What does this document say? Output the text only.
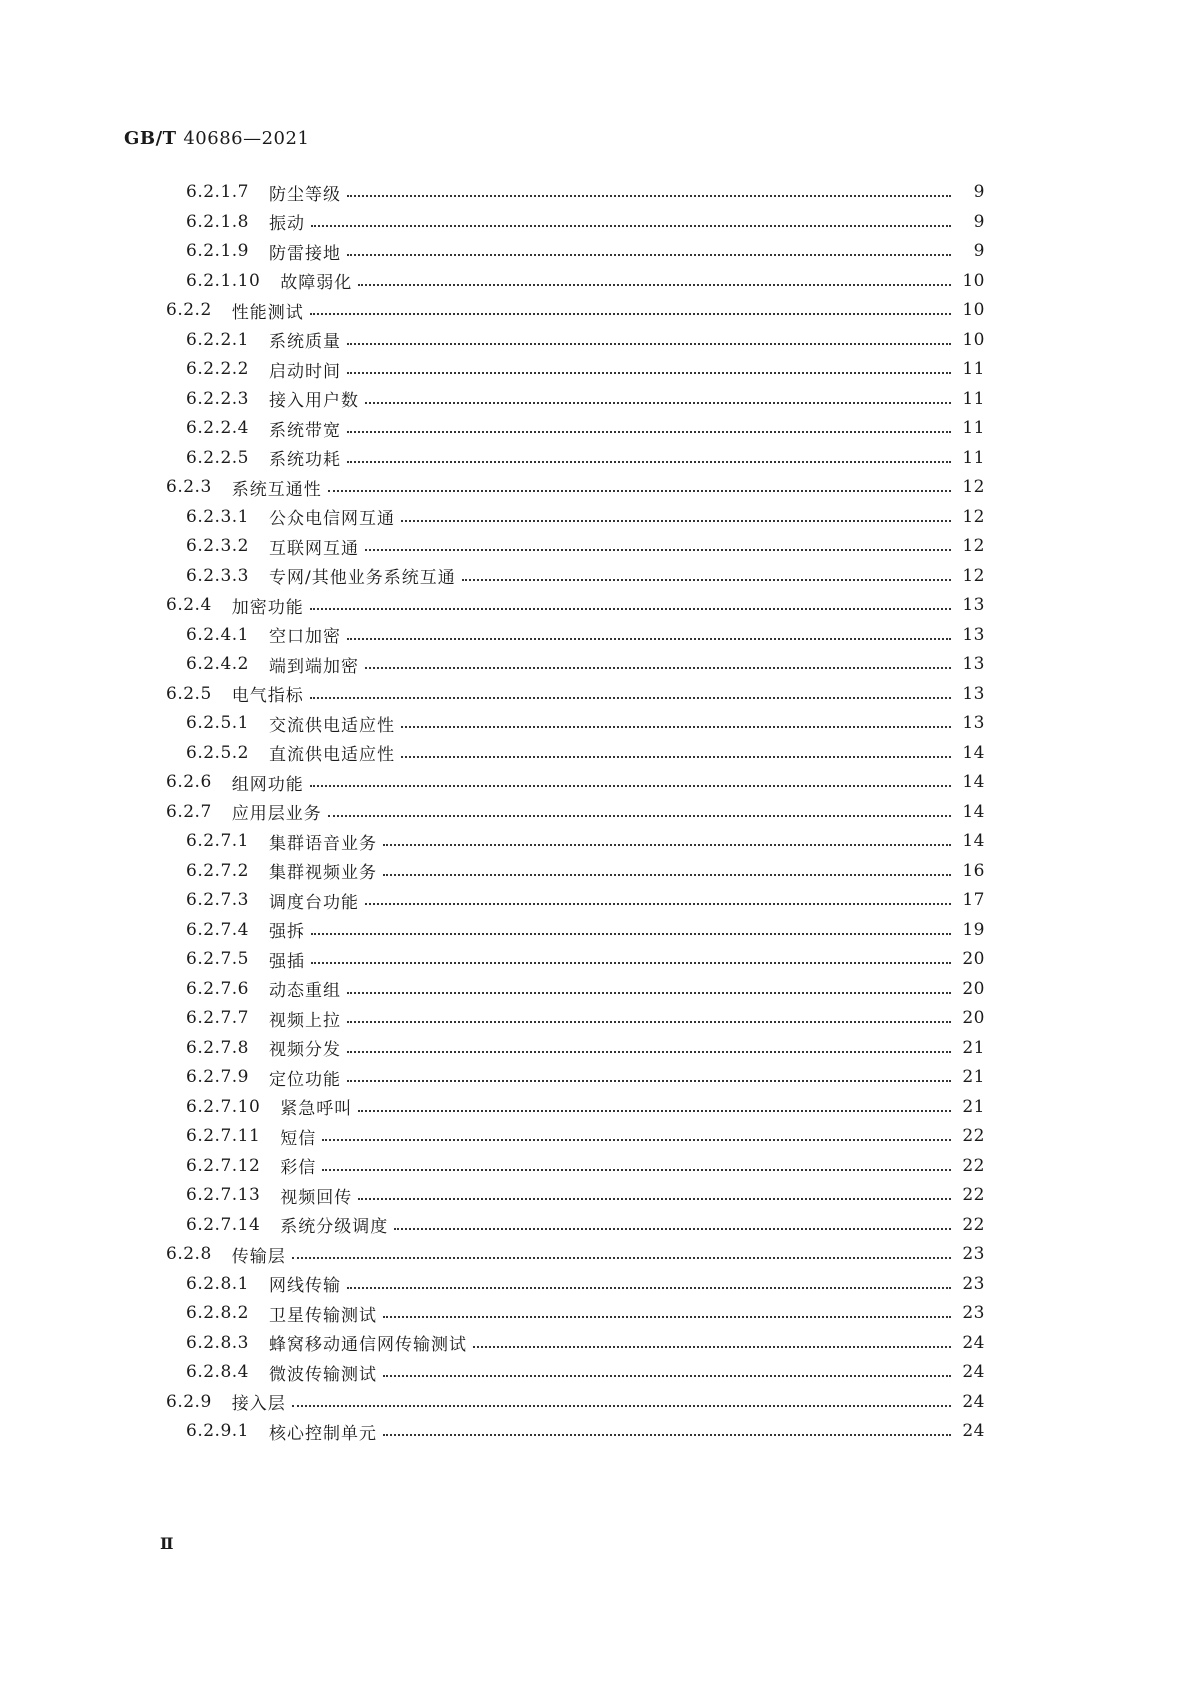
GB/T 40686—2021
6.2.1.7 防尘等级	9
6.2.1.8 振动	9
6.2.1.9 防雷接地	9
6.2.1.10 故障弱化	10
6.2.2 性能测试	10
6.2.2.1 系统质量	10
6.2.2.2 启动时间	11
6.2.2.3 接入用户数	11
6.2.2.4 系统带宽	11
6.2.2.5 系统功耗	11
6.2.3 系统互通性	12
6.2.3.1 公众电信网互通	12
6.2.3.2 互联网互通	12
6.2.3.3 专网/其他业务系统互通	12
6.2.4 加密功能	13
6.2.4.1 空口加密	13
6.2.4.2 端到端加密	13
6.2.5 电气指标	13
6.2.5.1 交流供电适应性	13
6.2.5.2 直流供电适应性	14
6.2.6 组网功能	14
6.2.7 应用层业务	14
6.2.7.1 集群语音业务	14
6.2.7.2 集群视频业务	16
6.2.7.3 调度台功能	17
6.2.7.4 强拆	19
6.2.7.5 强插	20
6.2.7.6 动态重组	20
6.2.7.7 视频上拉	20
6.2.7.8 视频分发	21
6.2.7.9 定位功能	21
6.2.7.10 紧急呼叫	21
6.2.7.11 短信	22
6.2.7.12 彩信	22
6.2.7.13 视频回传	22
6.2.7.14 系统分级调度	22
6.2.8 传输层	23
6.2.8.1 网线传输	23
6.2.8.2 卫星传输测试	23
6.2.8.3 蜂窝移动通信网传输测试	24
6.2.8.4 微波传输测试	24
6.2.9 接入层	24
6.2.9.1 核心控制单元	24
Ⅱ
